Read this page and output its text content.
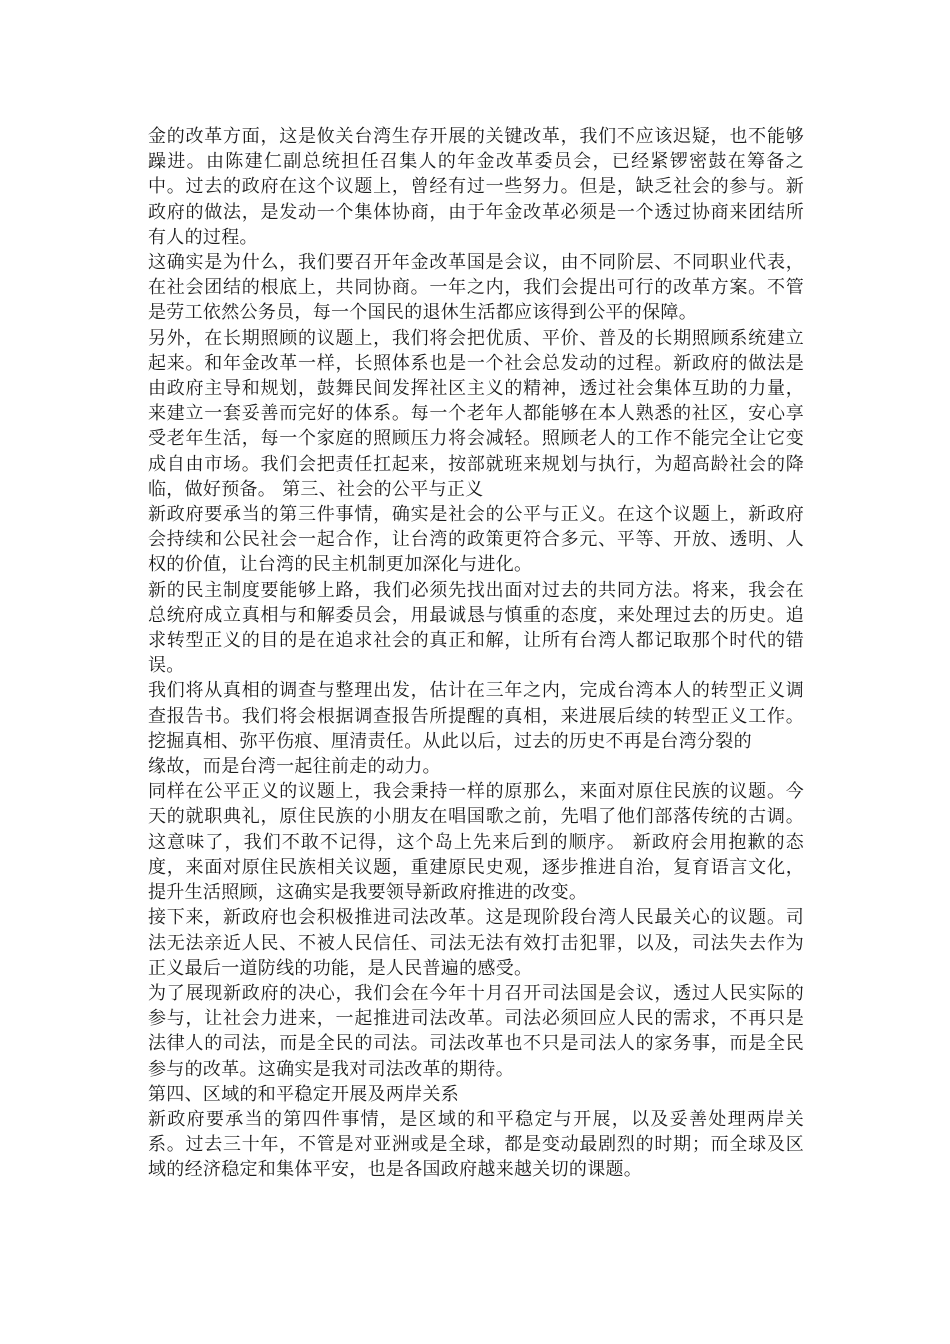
金的改革方面，这是攸关台湾生存开展的关键改革，我们不应该迟疑，也不能够躁进。由陈建仁副总统担任召集人的年金改革委员会，已经紧锣密鼓在筹备之中。过去的政府在这个议题上，曾经有过一些努力。但是，缺乏社会的参与。新政府的做法，是发动一个集体协商，由于年金改革必须是一个透过协商来团结所有人的过程。

这确实是为什么，我们要召开年金改革国是会议，由不同阶层、不同职业代表，在社会团结的根底上，共同协商。一年之内，我们会提出可行的改革方案。不管是劳工依然公务员，每一个国民的退休生活都应该得到公平的保障。

另外，在长期照顾的议题上，我们将会把优质、平价、普及的长期照顾系统建立起来。和年金改革一样，长照体系也是一个社会总发动的过程。新政府的做法是由政府主导和规划，鼓舞民间发挥社区主义的精神，透过社会集体互助的力量，来建立一套妥善而完好的体系。每一个老年人都能够在本人熟悉的社区，安心享受老年生活，每一个家庭的照顾压力将会减轻。照顾老人的工作不能完全让它变成自由市场。我们会把责任扛起来，按部就班来规划与执行，为超高龄社会的降临，做好预备。 第三、社会的公平与正义

新政府要承当的第三件事情，确实是社会的公平与正义。在这个议题上，新政府会持续和公民社会一起合作，让台湾的政策更符合多元、平等、开放、透明、人权的价值，让台湾的民主机制更加深化与进化。

新的民主制度要能够上路，我们必须先找出面对过去的共同方法。将来，我会在总统府成立真相与和解委员会，用最诚恳与慎重的态度，来处理过去的历史。追求转型正义的目的是在追求社会的真正和解，让所有台湾人都记取那个时代的错误。

我们将从真相的调查与整理出发，估计在三年之内，完成台湾本人的转型正义调查报告书。我们将会根据调查报告所提醒的真相，来进展后续的转型正义工作。挖掘真相、弥平伤痕、厘清责任。从此以后，过去的历史不再是台湾分裂的

缘故，而是台湾一起往前走的动力。

同样在公平正义的议题上，我会秉持一样的原那么，来面对原住民族的议题。今天的就职典礼，原住民族的小朋友在唱国歌之前，先唱了他们部落传统的古调。这意味了，我们不敢不记得，这个岛上先来后到的顺序。 新政府会用抱歉的态度，来面对原住民族相关议题，重建原民史观，逐步推进自治，复育语言文化，提升生活照顾，这确实是我要领导新政府推进的改变。

接下来，新政府也会积极推进司法改革。这是现阶段台湾人民最关心的议题。司法无法亲近人民、不被人民信任、司法无法有效打击犯罪，以及，司法失去作为正义最后一道防线的功能，是人民普遍的感受。

为了展现新政府的决心，我们会在今年十月召开司法国是会议，透过人民实际的参与，让社会力进来，一起推进司法改革。司法必须回应人民的需求，不再只是法律人的司法，而是全民的司法。司法改革也不只是司法人的家务事，而是全民参与的改革。这确实是我对司法改革的期待。

第四、区域的和平稳定开展及两岸关系

新政府要承当的第四件事情，是区域的和平稳定与开展，以及妥善处理两岸关系。过去三十年，不管是对亚洲或是全球，都是变动最剧烈的时期；而全球及区域的经济稳定和集体平安，也是各国政府越来越关切的课题。
